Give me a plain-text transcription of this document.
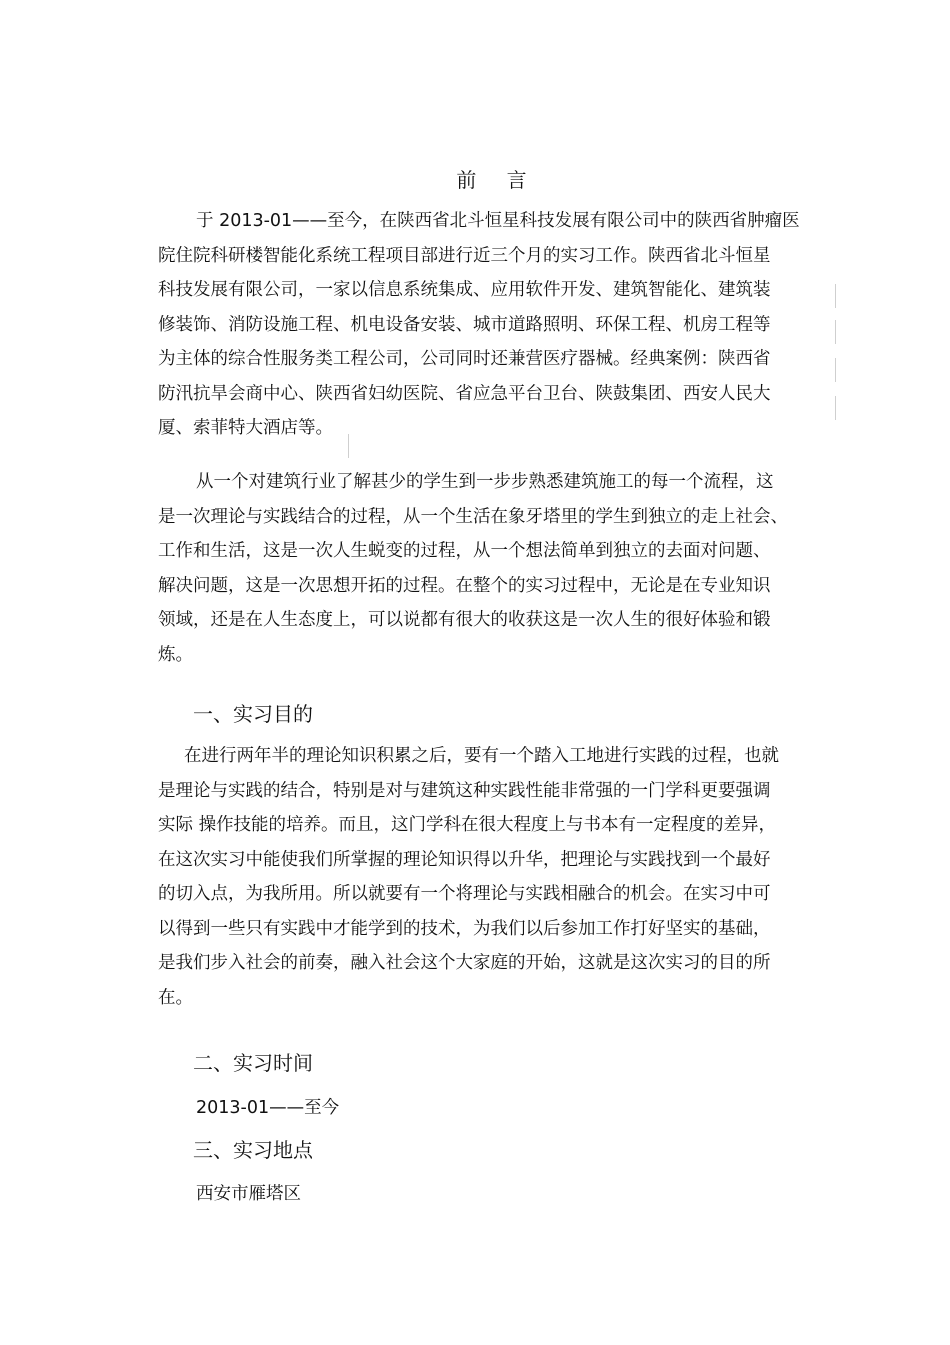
前 言
于 2013-01——至今，在陕西省北斗恒星科技发展有限公司中的陕西省肿瘤医
院住院科研楼智能化系统工程项目部进行近三个月的实习工作。陕西省北斗恒星
科技发展有限公司，一家以信息系统集成、应用软件开发、建筑智能化、建筑装
修装饰、消防设施工程、机电设备安装、城市道路照明、环保工程、机房工程等
为主体的综合性服务类工程公司，公司同时还兼营医疗器械。经典案例：陕西省
防汛抗旱会商中心、陕西省妇幼医院、省应急平台卫台、陕鼓集团、西安人民大
厦、索菲特大酒店等。
从一个对建筑行业了解甚少的学生到一步步熟悉建筑施工的每一个流程，这
是一次理论与实践结合的过程，从一个生活在象牙塔里的学生到独立的走上社会、
工作和生活，这是一次人生蜕变的过程，从一个想法简单到独立的去面对问题、
解决问题，这是一次思想开拓的过程。在整个的实习过程中，无论是在专业知识
领域，还是在人生态度上，可以说都有很大的收获这是一次人生的很好体验和锻
炼。
一、实习目的
在进行两年半的理论知识积累之后，要有一个踏入工地进行实践的过程，也就
是理论与实践的结合，特别是对与建筑这种实践性能非常强的一门学科更要强调
实际 操作技能的培养。而且，这门学科在很大程度上与书本有一定程度的差异，
在这次实习中能使我们所掌握的理论知识得以升华，把理论与实践找到一个最好
的切入点，为我所用。所以就要有一个将理论与实践相融合的机会。在实习中可
以得到一些只有实践中才能学到的技术，为我们以后参加工作打好坚实的基础，
是我们步入社会的前奏，融入社会这个大家庭的开始，这就是这次实习的目的所
在。
二、实习时间
2013-01——至今
三、实习地点
西安市雁塔区
